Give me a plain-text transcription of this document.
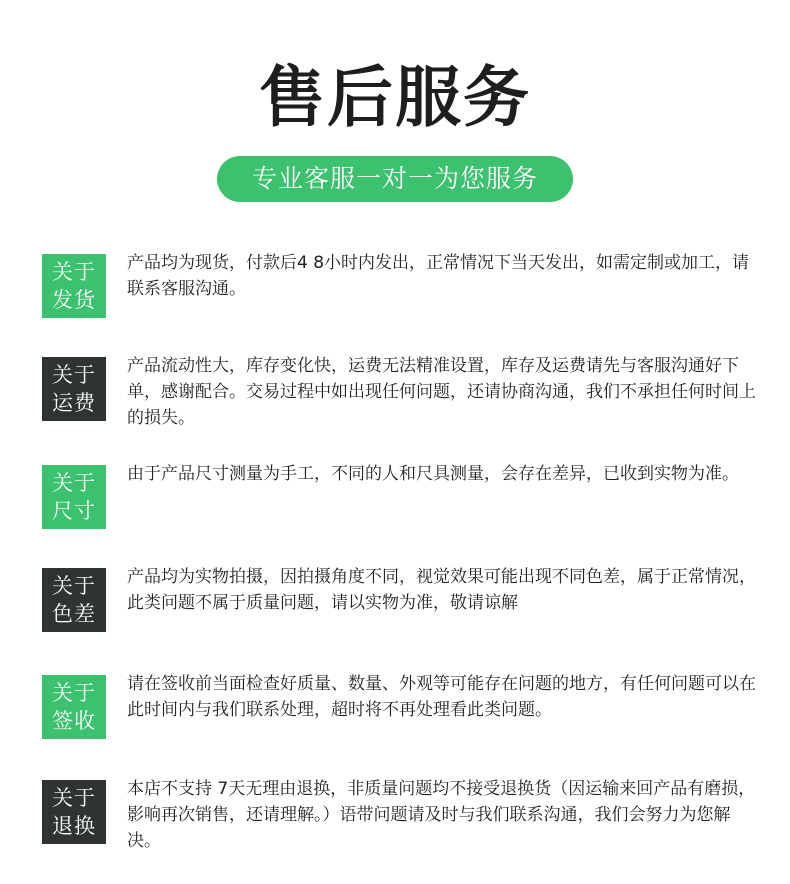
售后服务
专业客服一对一为您服务
关于
发货
产品均为现货，付款后4 8小时内发出，正常情况下当天发出，如需定制或加工，请联系客服沟通。
关于
运费
产品流动性大，库存变化快，运费无法精准设置，库存及运费请先与客服沟通好下单，感谢配合。交易过程中如出现任何问题，还请协商沟通，我们不承担任何时间上的损失。
关于
尺寸
由于产品尺寸测量为手工，不同的人和尺具测量，会存在差异，已收到实物为准。
关于
色差
产品均为实物拍摄，因拍摄角度不同，视觉效果可能出现不同色差，属于正常情况，此类问题不属于质量问题，请以实物为准，敬请谅解
关于
签收
请在签收前当面检查好质量、数量、外观等可能存在问题的地方，有任何问题可以在此时间内与我们联系处理，超时将不再处理看此类问题。
关于
退换
本店不支持 7天无理由退换，非质量问题均不接受退换货（因运输来回产品有磨损，影响再次销售，还请理解。）语带问题请及时与我们联系沟通，我们会努力为您解决。
